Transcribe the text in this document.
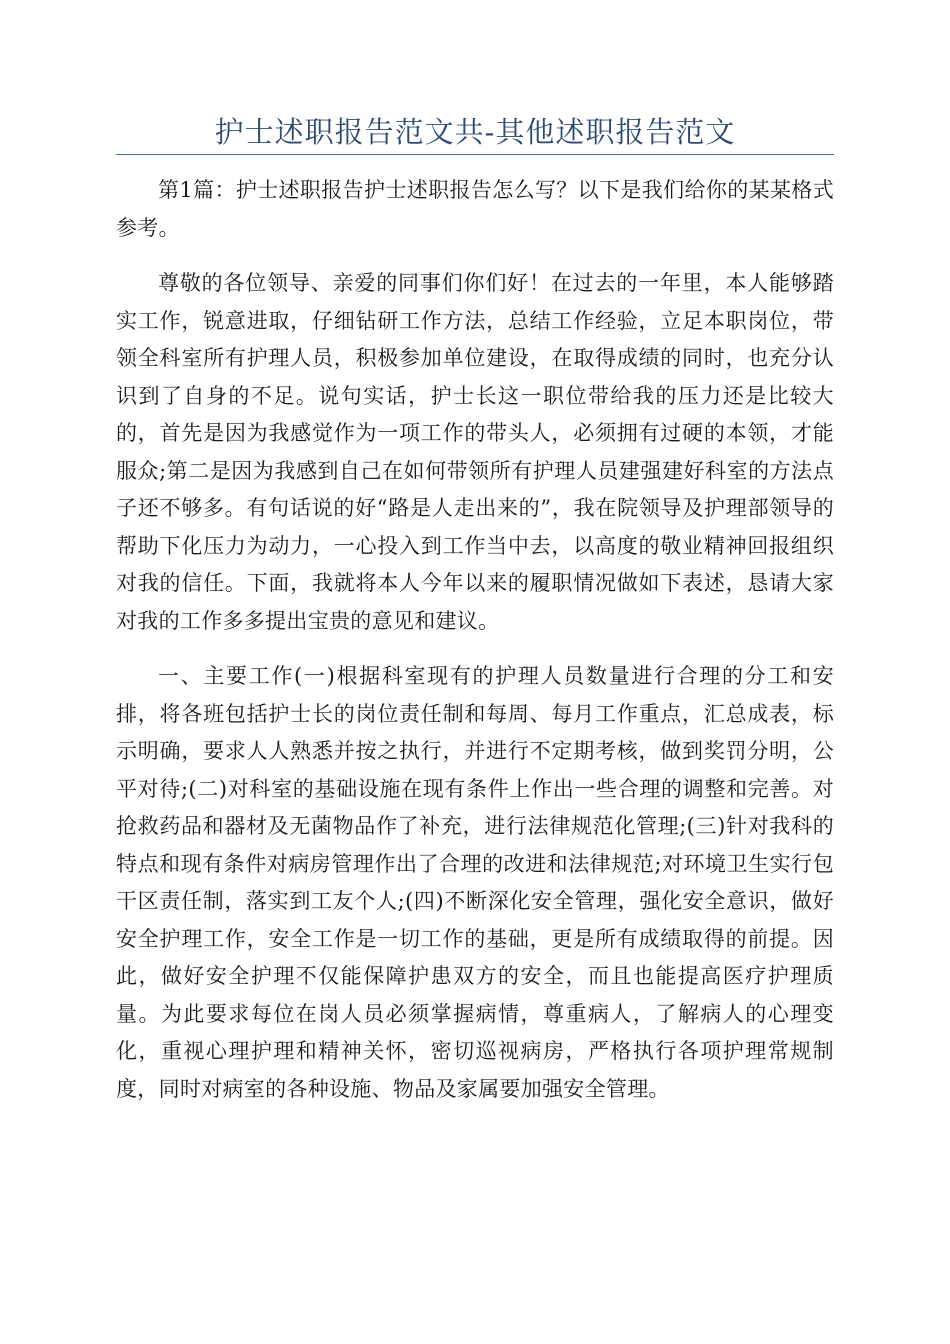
护士述职报告范文共-其他述职报告范文

第1篇：护士述职报告护士述职报告怎么写？以下是我们给你的某某格式参考。

尊敬的各位领导、亲爱的同事们你们好！在过去的一年里，本人能够踏实工作，锐意进取，仔细钻研工作方法，总结工作经验，立足本职岗位，带领全科室所有护理人员，积极参加单位建设，在取得成绩的同时，也充分认识到了自身的不足。说句实话，护士长这一职位带给我的压力还是比较大的，首先是因为我感觉作为一项工作的带头人，必须拥有过硬的本领，才能服众;第二是因为我感到自己在如何带领所有护理人员建强建好科室的方法点子还不够多。有句话说的好“路是人走出来的”，我在院领导及护理部领导的帮助下化压力为动力，一心投入到工作当中去，以高度的敬业精神回报组织对我的信任。下面，我就将本人今年以来的履职情况做如下表述，恳请大家对我的工作多多提出宝贵的意见和建议。

一、主要工作(一)根据科室现有的护理人员数量进行合理的分工和安排，将各班包括护士长的岗位责任制和每周、每月工作重点，汇总成表，标示明确，要求人人熟悉并按之执行，并进行不定期考核，做到奖罚分明，公平对待;(二)对科室的基础设施在现有条件上作出一些合理的调整和完善。对抢救药品和器材及无菌物品作了补充，进行法律规范化管理;(三)针对我科的特点和现有条件对病房管理作出了合理的改进和法律规范;对环境卫生实行包干区责任制，落实到工友个人;(四)不断深化安全管理，强化安全意识，做好安全护理工作，安全工作是一切工作的基础，更是所有成绩取得的前提。因此，做好安全护理不仅能保障护患双方的安全，而且也能提高医疗护理质量。为此要求每位在岗人员必须掌握病情，尊重病人，了解病人的心理变化，重视心理护理和精神关怀，密切巡视病房，严格执行各项护理常规制度，同时对病室的各种设施、物品及家属要加强安全管理。
